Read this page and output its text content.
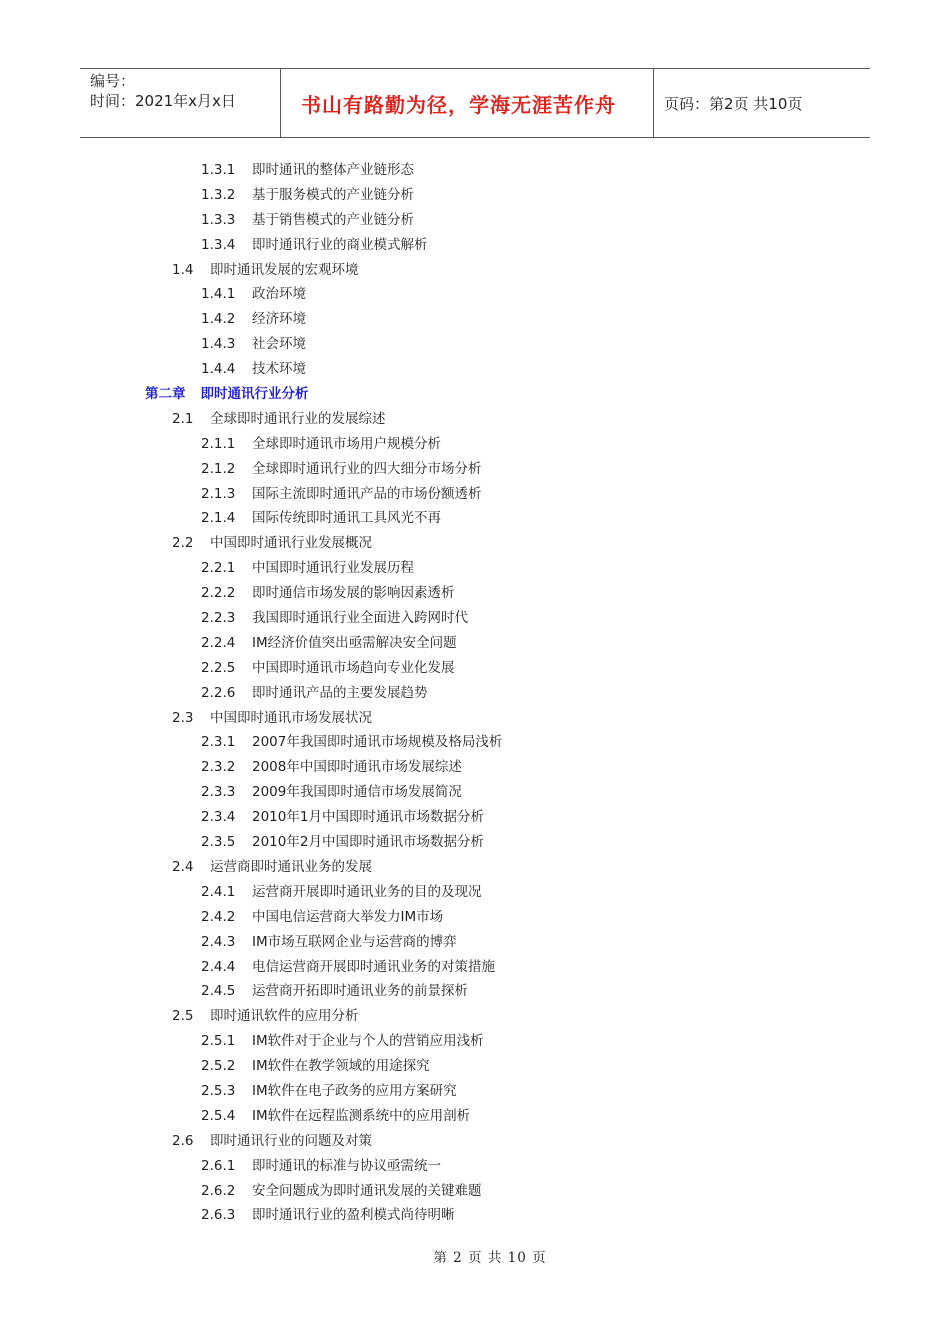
编号：
时间：2021年x月x日	书山有路勤为径，学海无涯苦作舟	页码：第2页 共10页
1.3.1 即时通讯的整体产业链形态
1.3.2 基于服务模式的产业链分析
1.3.3 基于销售模式的产业链分析
1.3.4 即时通讯行业的商业模式解析
1.4 即时通讯发展的宏观环境
1.4.1 政治环境
1.4.2 经济环境
1.4.3 社会环境
1.4.4 技术环境
第二章 即时通讯行业分析
2.1 全球即时通讯行业的发展综述
2.1.1 全球即时通讯市场用户规模分析
2.1.2 全球即时通讯行业的四大细分市场分析
2.1.3 国际主流即时通讯产品的市场份额透析
2.1.4 国际传统即时通讯工具风光不再
2.2 中国即时通讯行业发展概况
2.2.1 中国即时通讯行业发展历程
2.2.2 即时通信市场发展的影响因素透析
2.2.3 我国即时通讯行业全面进入跨网时代
2.2.4 IM经济价值突出亟需解决安全问题
2.2.5 中国即时通讯市场趋向专业化发展
2.2.6 即时通讯产品的主要发展趋势
2.3 中国即时通讯市场发展状况
2.3.1 2007年我国即时通讯市场规模及格局浅析
2.3.2 2008年中国即时通讯市场发展综述
2.3.3 2009年我国即时通信市场发展简况
2.3.4 2010年1月中国即时通讯市场数据分析
2.3.5 2010年2月中国即时通讯市场数据分析
2.4 运营商即时通讯业务的发展
2.4.1 运营商开展即时通讯业务的目的及现况
2.4.2 中国电信运营商大举发力IM市场
2.4.3 IM市场互联网企业与运营商的博弈
2.4.4 电信运营商开展即时通讯业务的对策措施
2.4.5 运营商开拓即时通讯业务的前景探析
2.5 即时通讯软件的应用分析
2.5.1 IM软件对于企业与个人的营销应用浅析
2.5.2 IM软件在教学领域的用途探究
2.5.3 IM软件在电子政务的应用方案研究
2.5.4 IM软件在远程监测系统中的应用剖析
2.6 即时通讯行业的问题及对策
2.6.1 即时通讯的标准与协议亟需统一
2.6.2 安全问题成为即时通讯发展的关键难题
2.6.3 即时通讯行业的盈利模式尚待明晰
第 2 页 共 10 页
